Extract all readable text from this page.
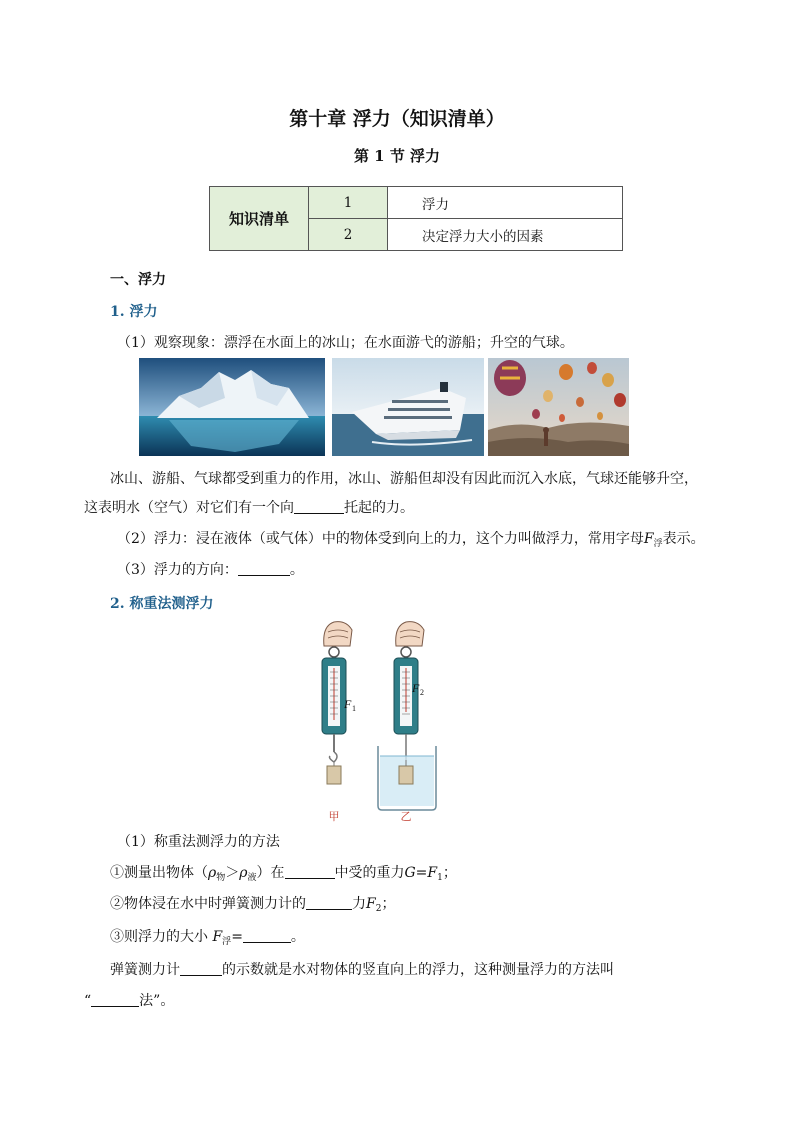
第十章 浮力（知识清单）
第 1 节 浮力
知识清单	1	浮力
	2	决定浮力大小的因素
一、浮力
1. 浮力
（1）观察现象：漂浮在水面上的冰山；在水面游弋的游船；升空的气球。
冰山、游船、气球都受到重力的作用，冰山、游船但却没有因此而沉入水底，气球还能够升空，
这表明水（空气）对它们有一个向	托起的力。
（2）浮力：浸在液体（或气体）中的物体受到向上的力，这个力叫做浮力，常用字母$F_浮$表示。
（3）浮力的方向：	。
2. 称重法测浮力
F 1
甲
F 2
乙
（1）称重法测浮力的方法
①测量出物体$(\rho_物>\rho_液)$在	中受的重力$G=F_1$；
②物体浸在水中时弹簧测力计的	力$F_2$；
③则浮力的大小 $F_浮=$	。
弹簧测力计	的示数就是水对物体的竖直向上的浮力，这种测量浮力的方法叫
“	法”。
